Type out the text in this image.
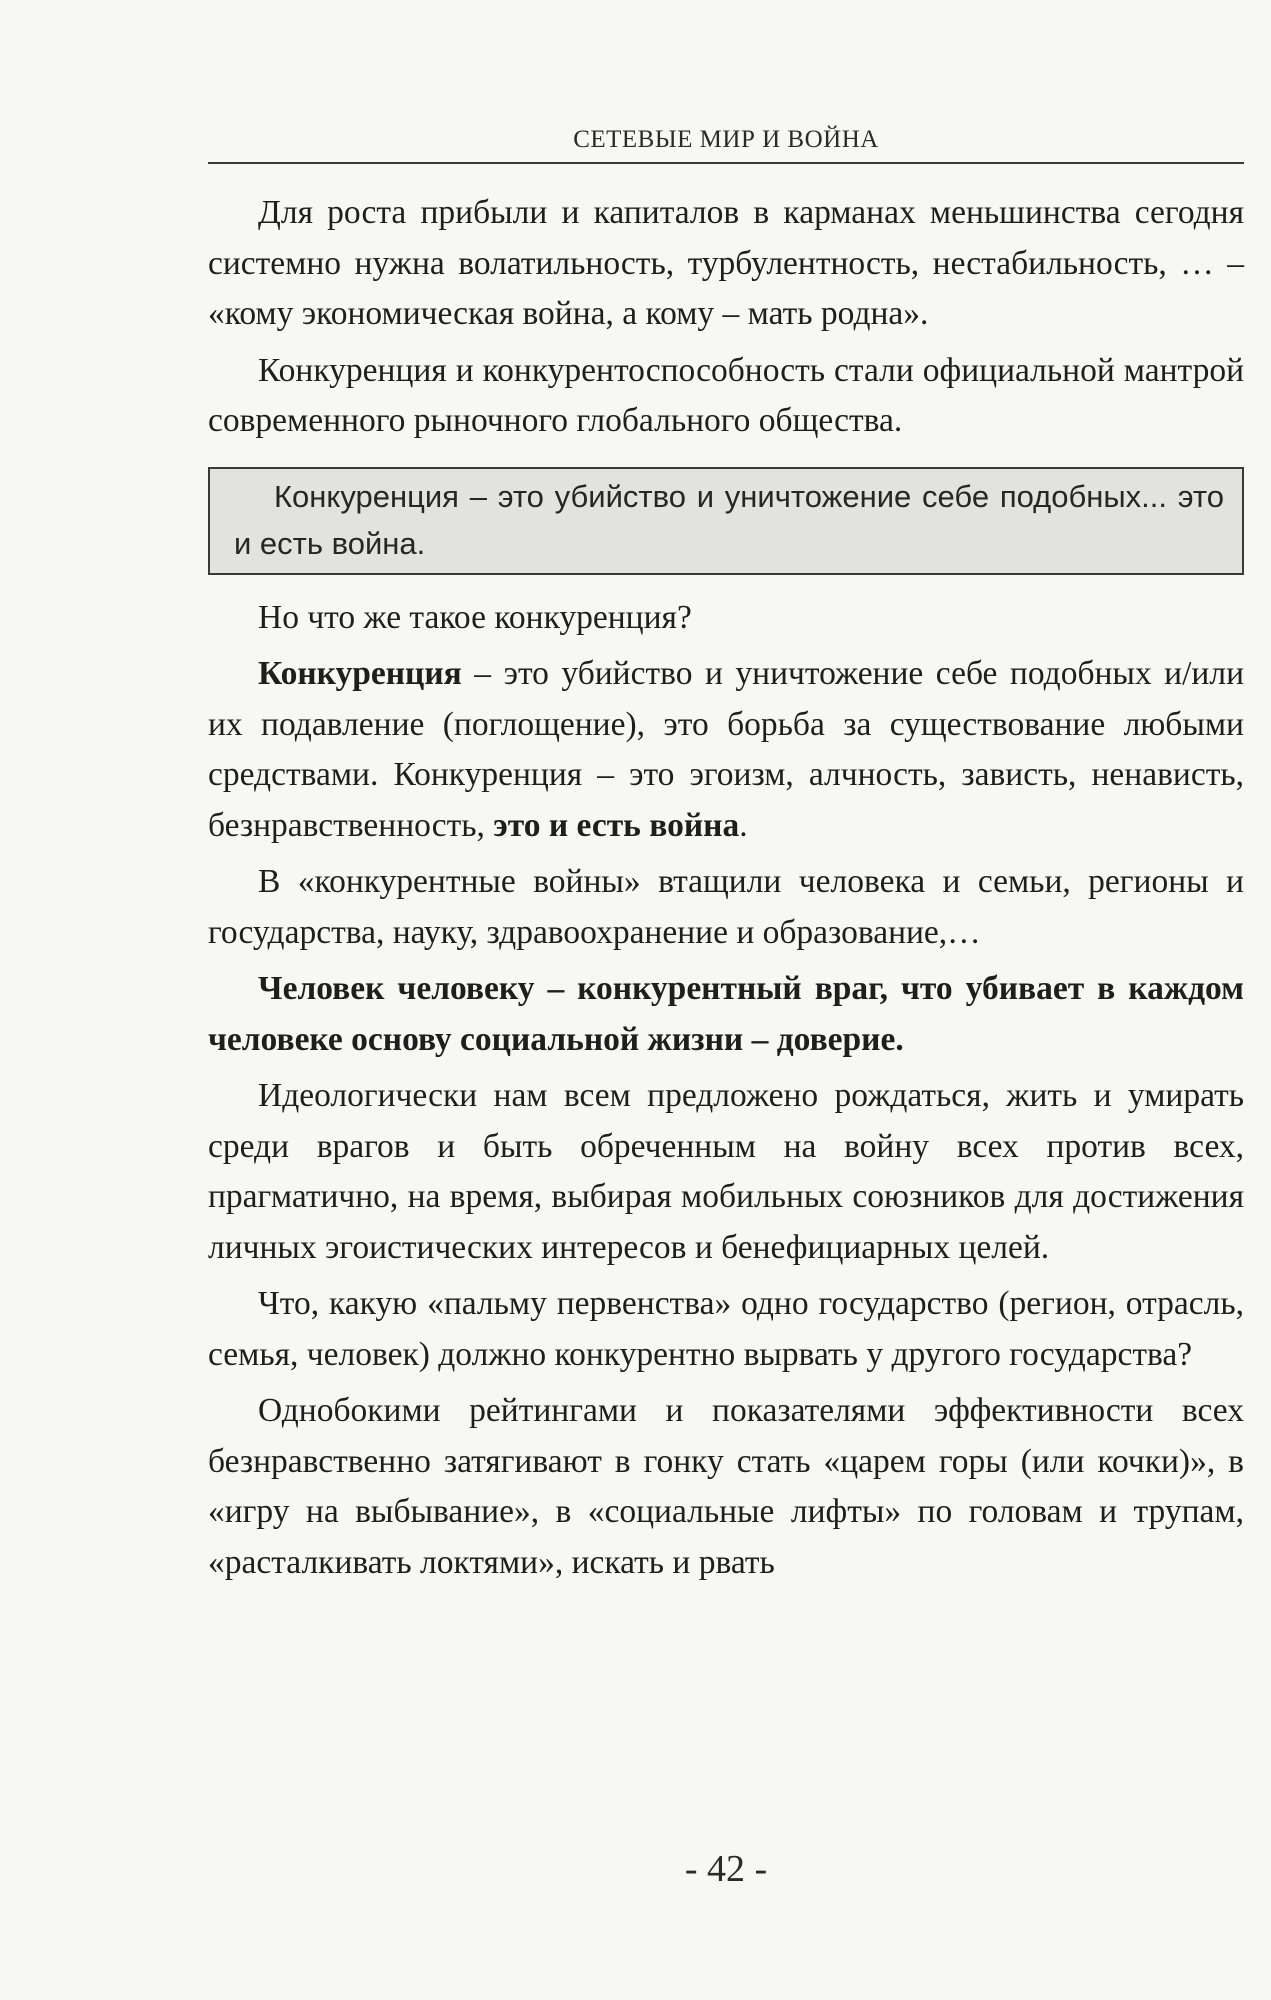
СЕТЕВЫЕ МИР И ВОЙНА

Для роста прибыли и капиталов в карманах меньшинства сегодня системно нужна волатильность, турбулентность, нестабильность, … – «кому экономическая война, а кому – мать родна».

Конкуренция и конкурентоспособность стали официальной мантрой современного рыночного глобального общества.

Конкуренция – это убийство и уничтожение себе подобных... это и есть война.

Но что же такое конкуренция?

Конкуренция – это убийство и уничтожение себе подобных и/или их подавление (поглощение), это борьба за существование любыми средствами. Конкуренция – это эгоизм, алчность, зависть, ненависть, безнравственность, это и есть война.

В «конкурентные войны» втащили человека и семьи, регионы и государства, науку, здравоохранение и образование,…

Человек человеку – конкурентный враг, что убивает в каждом человеке основу социальной жизни – доверие.

Идеологически нам всем предложено рождаться, жить и умирать среди врагов и быть обреченным на войну всех против всех, прагматично, на время, выбирая мобильных союзников для достижения личных эгоистических интересов и бенефициарных целей.

Что, какую «пальму первенства» одно государство (регион, отрасль, семья, человек) должно конкурентно вырвать у другого государства?

Однобокими рейтингами и показателями эффективности всех безнравственно затягивают в гонку стать «царем горы (или кочки)», в «игру на выбывание», в «социальные лифты» по головам и трупам, «расталкивать локтями», искать и рвать

- 42 -
